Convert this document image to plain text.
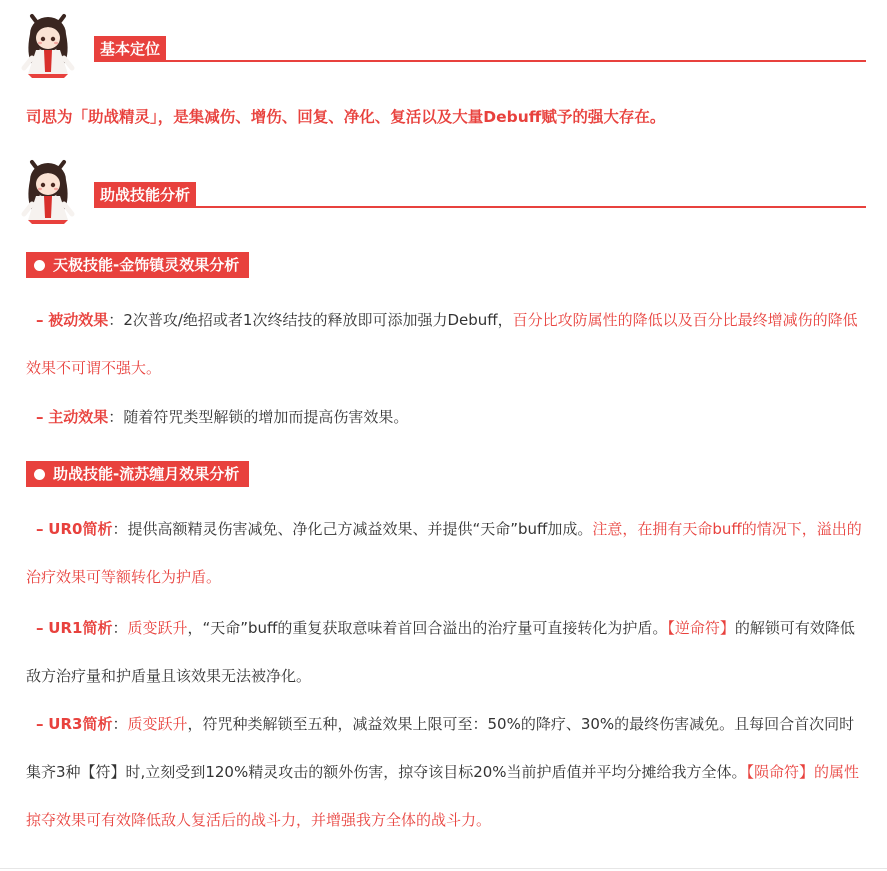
基本定位
司思为「助战精灵」，是集减伤、增伤、回复、净化、复活以及大量Debuff赋予的强大存在。
助战技能分析
天极技能-金饰镇灵效果分析
– 被动效果：2次普攻/绝招或者1次终结技的释放即可添加强力Debuff，百分比攻防属性的降低以及百分比最终增减伤的降低效果不可谓不强大。
– 主动效果：随着符咒类型解锁的增加而提高伤害效果。
助战技能-流苏缠月效果分析
– UR0简析：提供高额精灵伤害减免、净化己方减益效果、并提供“天命”buff加成。注意，在拥有天命buff的情况下，溢出的治疗效果可等额转化为护盾。
– UR1简析：质变跃升，“天命”buff的重复获取意味着首回合溢出的治疗量可直接转化为护盾。【逆命符】的解锁可有效降低敌方治疗量和护盾量且该效果无法被净化。
– UR3简析：质变跃升，符咒种类解锁至五种，减益效果上限可至：50%的降疗、30%的最终伤害减免。且每回合首次同时集齐3种【符】时,立刻受到120%精灵攻击的额外伤害，掠夺该目标20%当前护盾值并平均分摊给我方全体。【陨命符】的属性掠夺效果可有效降低敌人复活后的战斗力，并增强我方全体的战斗力。
